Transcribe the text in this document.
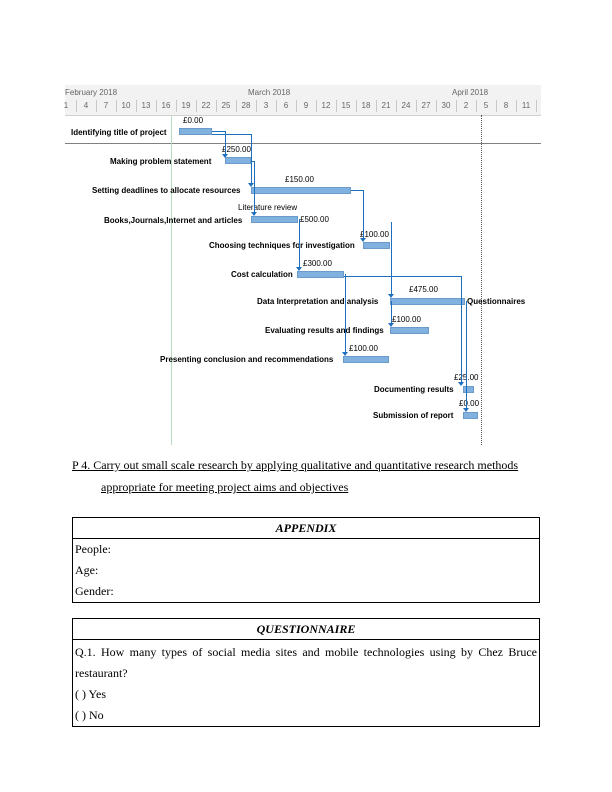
February 2018	March 2018	April 2018
1	4	7	10	13	16	19	22	25	28	3	6	9	12	15	18	21	24	27	30	2	5	8	11
£0.00
Identifying title of project
£250.00
Making problem statement
£150.00
Setting deadlines to allocate resources
Literature review
Books,Journals,Internet and articles	£500.00
£100.00
Choosing techniques for investigation
£300.00
Cost calculation
£475.00
Data Interpretation and analysis	Questionnaires
£100.00
Evaluating results and findings
£100.00
Presenting conclusion and recommendations
£25.00
Documenting results
£0.00
Submission of report
P 4. Carry out small scale research by applying qualitative and quantitative research methods
appropriate for meeting project aims and objectives
APPENDIX
People:
Age:
Gender:
QUESTIONNAIRE
Q.1. How many types of social media sites and mobile technologies using by Chez Bruce restaurant?
( ) Yes
( ) No
